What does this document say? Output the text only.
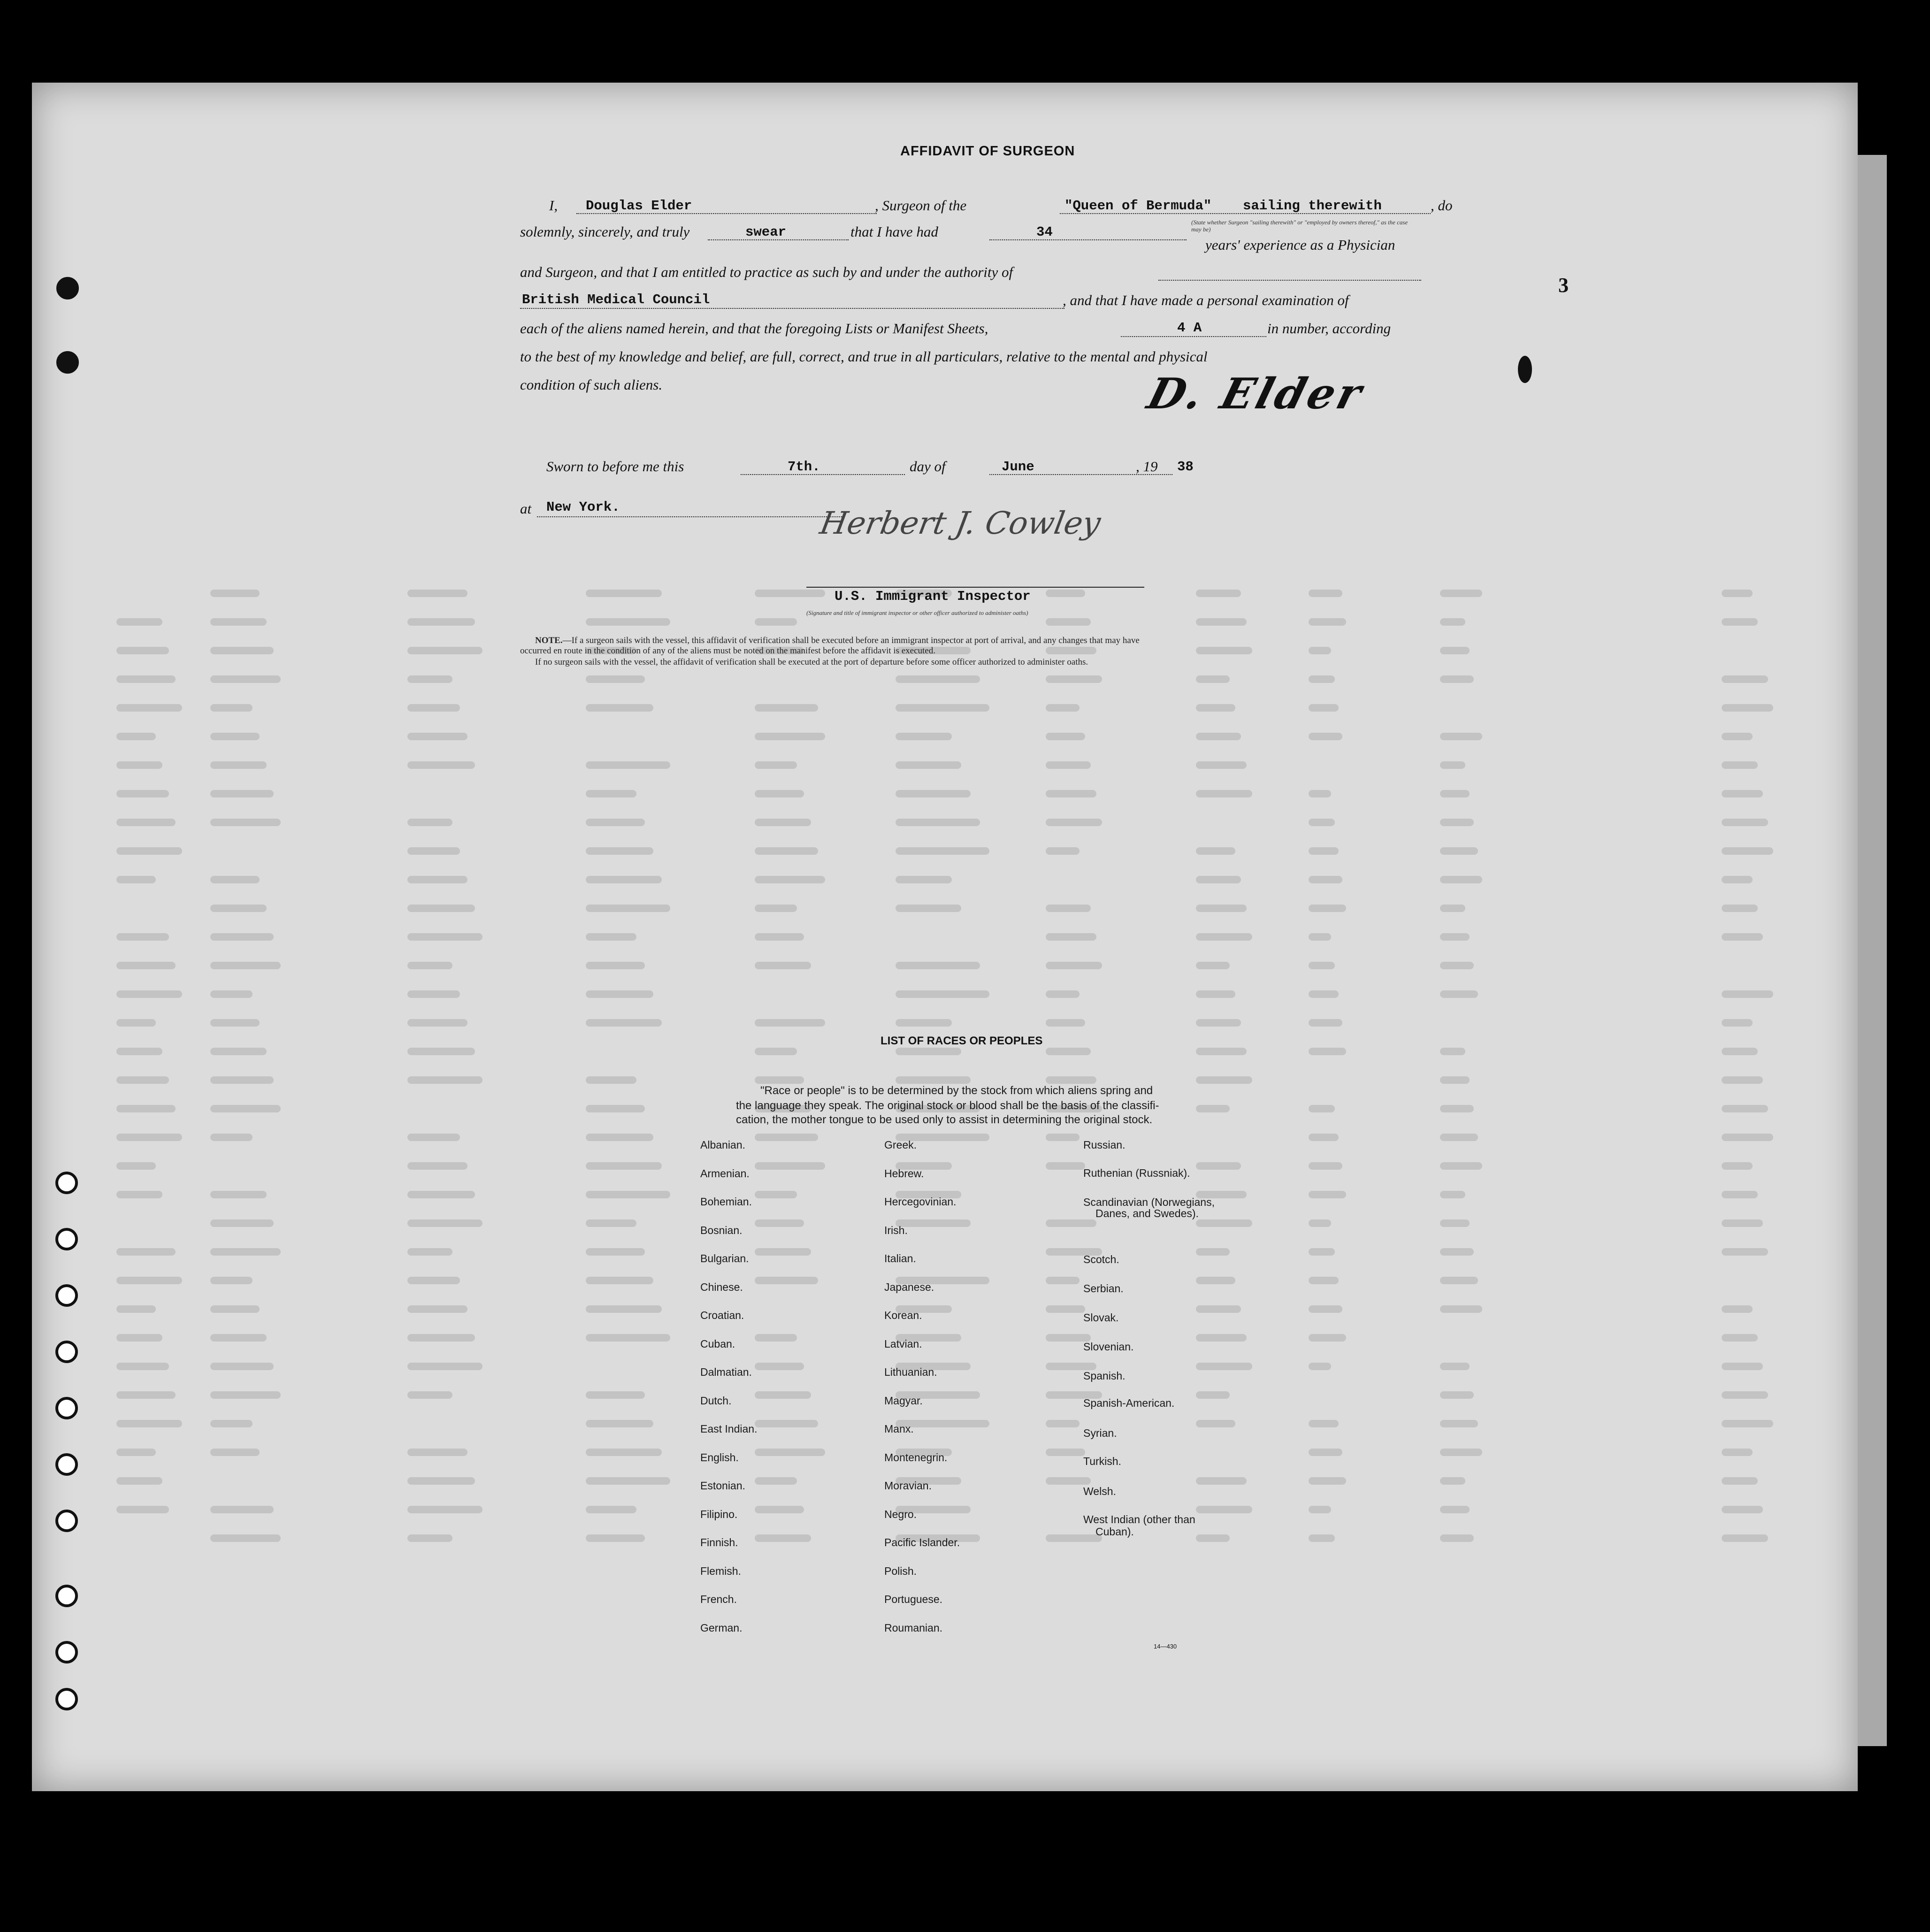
AFFIDAVIT OF SURGEON
I, Douglas Elder	, Surgeon of the	"Queen of Bermuda" sailing therewith	, do
(State whether Surgeon "sailing therewith" or "employed by owners thereof," as the case may be)
solemnly, sincerely, and truly	swear	that I have had	34
years' experience as a Physician
and Surgeon, and that I am entitled to practice as such by and under the authority of
British Medical Council	, and that I have made a personal examination of
each of the aliens named herein, and that the foregoing Lists or Manifest Sheets,	4 A	in number, according
to the best of my knowledge and belief, are full, correct, and true in all particulars, relative to the mental and physical
condition of such aliens.	D. Elder
Sworn to before me this	7th.	day of	June	, 19 38
at New York.	Herbert J. Cowley
U.S. Immigrant Inspector
(Signature and title of immigrant inspector or other officer authorized to administer oaths)
NOTE.—If a surgeon sails with the vessel, this affidavit of verification shall be executed before an immigrant inspector at port of arrival, and any changes that may have
occurred en route in the condition of any of the aliens must be noted on the manifest before the affidavit is executed.
If no surgeon sails with the vessel, the affidavit of verification shall be executed at the port of departure before some officer authorized to administer oaths.
3
LIST OF RACES OR PEOPLES
"Race or people" is to be determined by the stock from which aliens spring and
the language they speak. The original stock or blood shall be the basis of the classifi-
cation, the mother tongue to be used only to assist in determining the original stock.
Albanian.
Armenian.
Bohemian.
Bosnian.
Bulgarian.
Chinese.
Croatian.
Cuban.
Dalmatian.
Dutch.
East Indian.
English.
Estonian.
Filipino.
Finnish.
Flemish.
French.
German.
Greek.
Hebrew.
Hercegovinian.
Irish.
Italian.
Japanese.
Korean.
Latvian.
Lithuanian.
Magyar.
Manx.
Montenegrin.
Moravian.
Negro.
Pacific Islander.
Polish.
Portuguese.
Roumanian.
Russian.
Ruthenian (Russniak).
Scandinavian (Norwegians,
Danes, and Swedes).
Scotch.
Serbian.
Slovak.
Slovenian.
Spanish.
Spanish-American.
Syrian.
Turkish.
Welsh.
West Indian (other than
Cuban).
14—430
